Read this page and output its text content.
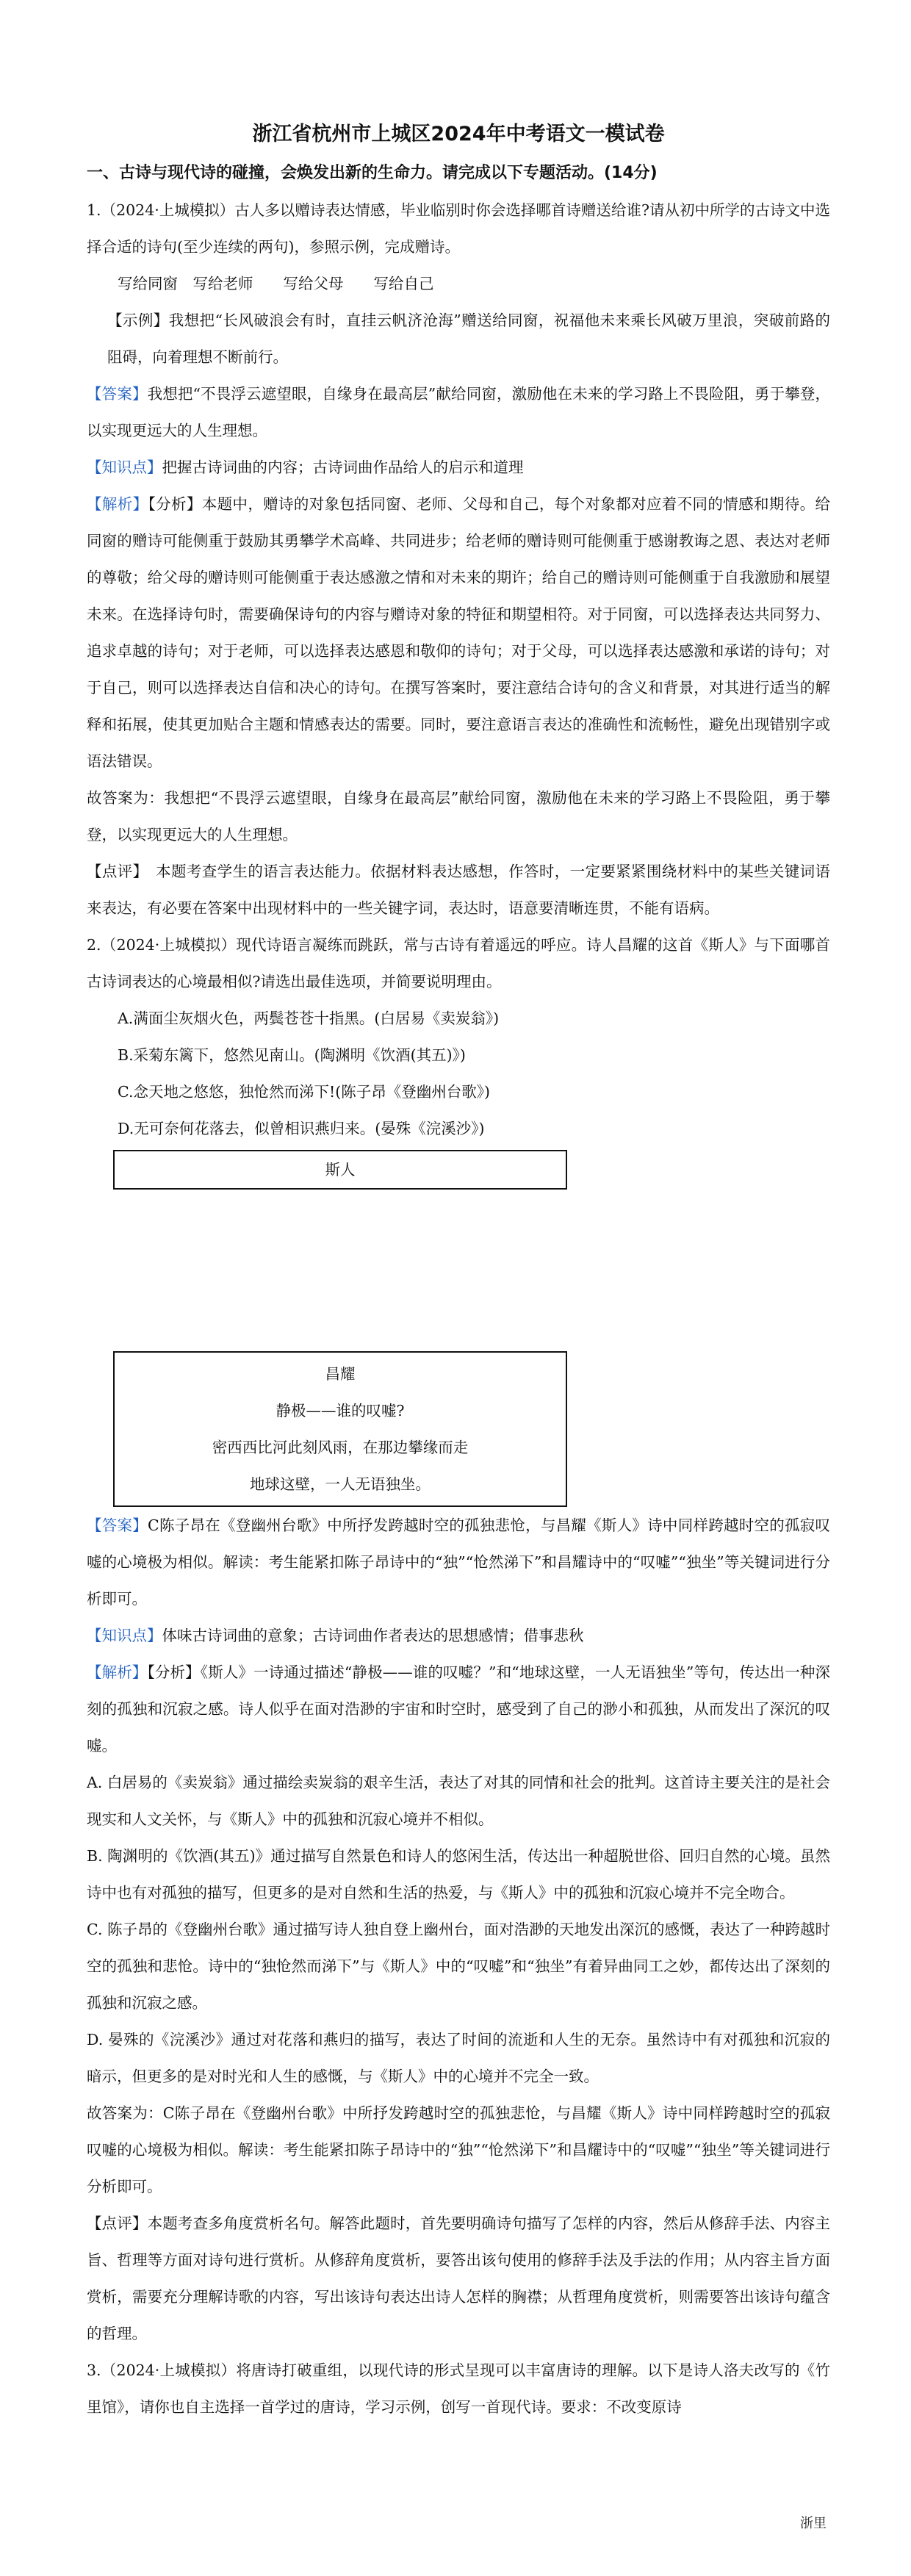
浙江省杭州市上城区2024年中考语文一模试卷
一、古诗与现代诗的碰撞，会焕发出新的生命力。请完成以下专题活动。(14分)

1.（2024·上城模拟）古人多以赠诗表达情感，毕业临别时你会选择哪首诗赠送给谁?请从初中所学的古诗文中选择合适的诗句(至少连续的两句)，参照示例，完成赠诗。

写给同窗　写给老师　　写给父母　　写给自己

【示例】我想把“长风破浪会有时，直挂云帆济沧海”赠送给同窗，祝福他未来乘长风破万里浪，突破前路的阻碍，向着理想不断前行。

【答案】我想把“不畏浮云遮望眼，自缘身在最高层”献给同窗，激励他在未来的学习路上不畏险阻，勇于攀登，以实现更远大的人生理想。

【知识点】把握古诗词曲的内容；古诗词曲作品给人的启示和道理

【解析】【分析】本题中，赠诗的对象包括同窗、老师、父母和自己，每个对象都对应着不同的情感和期待。给同窗的赠诗可能侧重于鼓励其勇攀学术高峰、共同进步；给老师的赠诗则可能侧重于感谢教诲之恩、表达对老师的尊敬；给父母的赠诗则可能侧重于表达感激之情和对未来的期许；给自己的赠诗则可能侧重于自我激励和展望未来。在选择诗句时，需要确保诗句的内容与赠诗对象的特征和期望相符。对于同窗，可以选择表达共同努力、追求卓越的诗句；对于老师，可以选择表达感恩和敬仰的诗句；对于父母，可以选择表达感激和承诺的诗句；对于自己，则可以选择表达自信和决心的诗句。在撰写答案时，要注意结合诗句的含义和背景，对其进行适当的解释和拓展，使其更加贴合主题和情感表达的需要。同时，要注意语言表达的准确性和流畅性，避免出现错别字或语法错误。

故答案为：我想把“不畏浮云遮望眼，自缘身在最高层”献给同窗，激励他在未来的学习路上不畏险阻，勇于攀登，以实现更远大的人生理想。

【点评】　本题考查学生的语言表达能力。依据材料表达感想，作答时，一定要紧紧围绕材料中的某些关键词语来表达，有必要在答案中出现材料中的一些关键字词，表达时，语意要清晰连贯，不能有语病。

2.（2024·上城模拟）现代诗语言凝练而跳跃，常与古诗有着遥远的呼应。诗人昌耀的这首《斯人》与下面哪首古诗词表达的心境最相似?请选出最佳选项，并简要说明理由。

A.满面尘灰烟火色，两鬓苍苍十指黑。(白居易《卖炭翁》)

B.采菊东篱下，悠然见南山。(陶渊明《饮酒(其五)》)

C.念天地之悠悠，独怆然而涕下!(陈子昂《登幽州台歌》)

D.无可奈何花落去，似曾相识燕归来。(晏殊《浣溪沙》)

斯人
昌耀
静极——谁的叹嘘?
密西西比河此刻风雨，在那边攀缘而走
地球这壁，一人无语独坐。

【答案】C陈子昂在《登幽州台歌》中所抒发跨越时空的孤独悲怆，与昌耀《斯人》诗中同样跨越时空的孤寂叹嘘的心境极为相似。解读：考生能紧扣陈子昂诗中的“独”“怆然涕下”和昌耀诗中的“叹嘘”“独坐”等关键词进行分析即可。

【知识点】体味古诗词曲的意象；古诗词曲作者表达的思想感情；借事悲秋

【解析】【分析】《斯人》一诗通过描述“静极——谁的叹嘘？”和“地球这壁，一人无语独坐”等句，传达出一种深刻的孤独和沉寂之感。诗人似乎在面对浩渺的宇宙和时空时，感受到了自己的渺小和孤独，从而发出了深沉的叹嘘。

A. 白居易的《卖炭翁》通过描绘卖炭翁的艰辛生活，表达了对其的同情和社会的批判。这首诗主要关注的是社会现实和人文关怀，与《斯人》中的孤独和沉寂心境并不相似。

B. 陶渊明的《饮酒(其五)》通过描写自然景色和诗人的悠闲生活，传达出一种超脱世俗、回归自然的心境。虽然诗中也有对孤独的描写，但更多的是对自然和生活的热爱，与《斯人》中的孤独和沉寂心境并不完全吻合。

C. 陈子昂的《登幽州台歌》通过描写诗人独自登上幽州台，面对浩渺的天地发出深沉的感慨，表达了一种跨越时空的孤独和悲怆。诗中的“独怆然而涕下”与《斯人》中的“叹嘘”和“独坐”有着异曲同工之妙，都传达出了深刻的孤独和沉寂之感。

D. 晏殊的《浣溪沙》通过对花落和燕归的描写，表达了时间的流逝和人生的无奈。虽然诗中有对孤独和沉寂的暗示，但更多的是对时光和人生的感慨，与《斯人》中的心境并不完全一致。

故答案为：C陈子昂在《登幽州台歌》中所抒发跨越时空的孤独悲怆，与昌耀《斯人》诗中同样跨越时空的孤寂叹嘘的心境极为相似。解读：考生能紧扣陈子昂诗中的“独”“怆然涕下”和昌耀诗中的“叹嘘”“独坐”等关键词进行分析即可。

【点评】本题考查多角度赏析名句。解答此题时，首先要明确诗句描写了怎样的内容，然后从修辞手法、内容主旨、哲理等方面对诗句进行赏析。从修辞角度赏析，要答出该句使用的修辞手法及手法的作用；从内容主旨方面赏析，需要充分理解诗歌的内容，写出该诗句表达出诗人怎样的胸襟；从哲理角度赏析，则需要答出该诗句蕴含的哲理。

3.（2024·上城模拟）将唐诗打破重组，以现代诗的形式呈现可以丰富唐诗的理解。以下是诗人洛夫改写的《竹里馆》，请你也自主选择一首学过的唐诗，学习示例，创写一首现代诗。要求：不改变原诗

浙里
